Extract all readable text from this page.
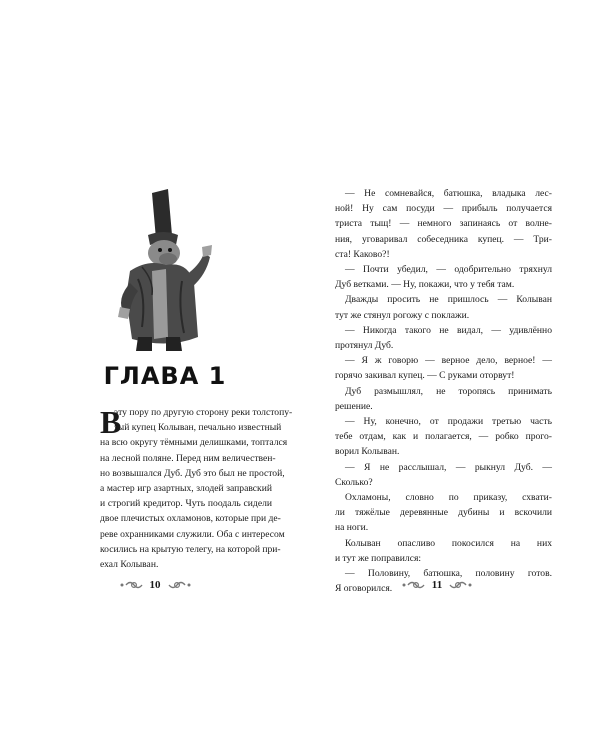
ГЛАВА 1
В
эту пору по другую сторону реки толстопу-
зый купец Колыван, печально известный
на всю округу тёмными делишками, топтался
на лесной поляне. Перед ним величествен-
но возвышался Дуб. Дуб это был не простой,
а мастер игр азартных, злодей заправский
и строгий кредитор. Чуть поодаль сидели
двое плечистых охламонов, которые при де-
реве охранниками служили. Оба с интересом
косились на крытую телегу, на которой при-
ехал Колыван.
10
— Не сомневайся, батюшка, владыка лес-
ной! Ну сам посуди — прибыль получается
триста тыщ! — немного запинаясь от волне-
ния, уговаривал собеседника купец. — Три-
ста! Каково?!
— Почти убедил, — одобрительно тряхнул
Дуб ветками. — Ну, покажи, что у тебя там.
Дважды просить не пришлось — Колыван
тут же стянул рогожу с поклажи.
— Никогда такого не видал, — удивлённо
протянул Дуб.
— Я ж говорю — верное дело, верное! —
горячо закивал купец. — С руками оторвут!
Дуб размышлял, не торопясь принимать
решение.
— Ну, конечно, от продажи третью часть
тебе отдам, как и полагается, — робко прого-
ворил Колыван.
— Я не расслышал, — рыкнул Дуб. —
Сколько?
Охламоны, словно по приказу, схвати-
ли тяжёлые деревянные дубины и вскочили
на ноги.
Колыван опасливо покосился на них
и тут же поправился:
— Половину, батюшка, половину готов.
Я оговорился.	11
